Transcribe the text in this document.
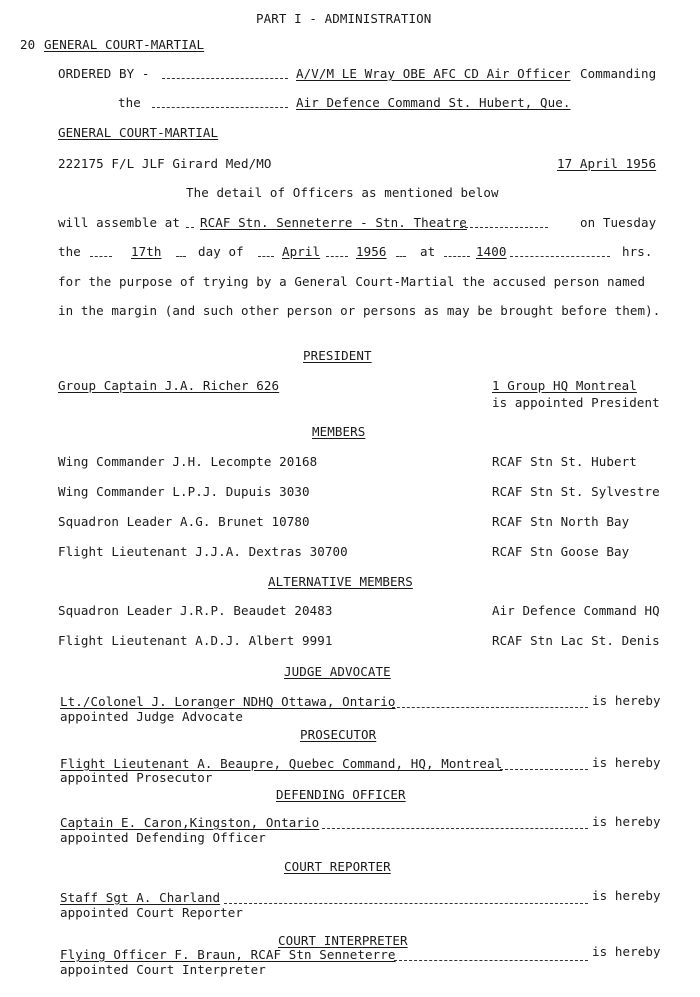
PART I - ADMINISTRATION
20 GENERAL COURT-MARTIAL
ORDERED BY -	A/V/M LE Wray OBE AFC CD Air Officer Commanding
the	Air Defence Command St. Hubert, Que.
GENERAL COURT-MARTIAL
222175 F/L JLF Girard Med/MO	17 April 1956
The detail of Officers as mentioned below
will assemble at RCAF Stn. Senneterre - Stn. Theatre	on Tuesday
the	17th	day of	April	1956	at	1400	hrs.
for the purpose of trying by a General Court-Martial the accused person named
in the margin (and such other person or persons as may be brought before them).
PRESIDENT
Group Captain J.A. Richer 626	1 Group HQ Montreal
is appointed President
MEMBERS
Wing Commander J.H. Lecompte 20168	RCAF Stn St. Hubert
Wing Commander L.P.J. Dupuis 3030	RCAF Stn St. Sylvestre
Squadron Leader A.G. Brunet 10780	RCAF Stn North Bay
Flight Lieutenant J.J.A. Dextras 30700	RCAF Stn Goose Bay
ALTERNATIVE MEMBERS
Squadron Leader J.R.P. Beaudet 20483	Air Defence Command HQ
Flight Lieutenant A.D.J. Albert 9991	RCAF Stn Lac St. Denis
JUDGE ADVOCATE
Lt./Colonel J. Loranger NDHQ Ottawa, Ontario	is hereby
appointed Judge Advocate
PROSECUTOR
Flight Lieutenant A. Beaupre, Quebec Command, HQ, Montreal	is hereby
appointed Prosecutor
DEFENDING OFFICER
Captain E. Caron,Kingston, Ontario	is hereby
appointed Defending Officer
COURT REPORTER
Staff Sgt A. Charland	is hereby
appointed Court Reporter
COURT INTERPRETER
Flying Officer F. Braun, RCAF Stn Senneterre	is hereby
appointed Court Interpreter
